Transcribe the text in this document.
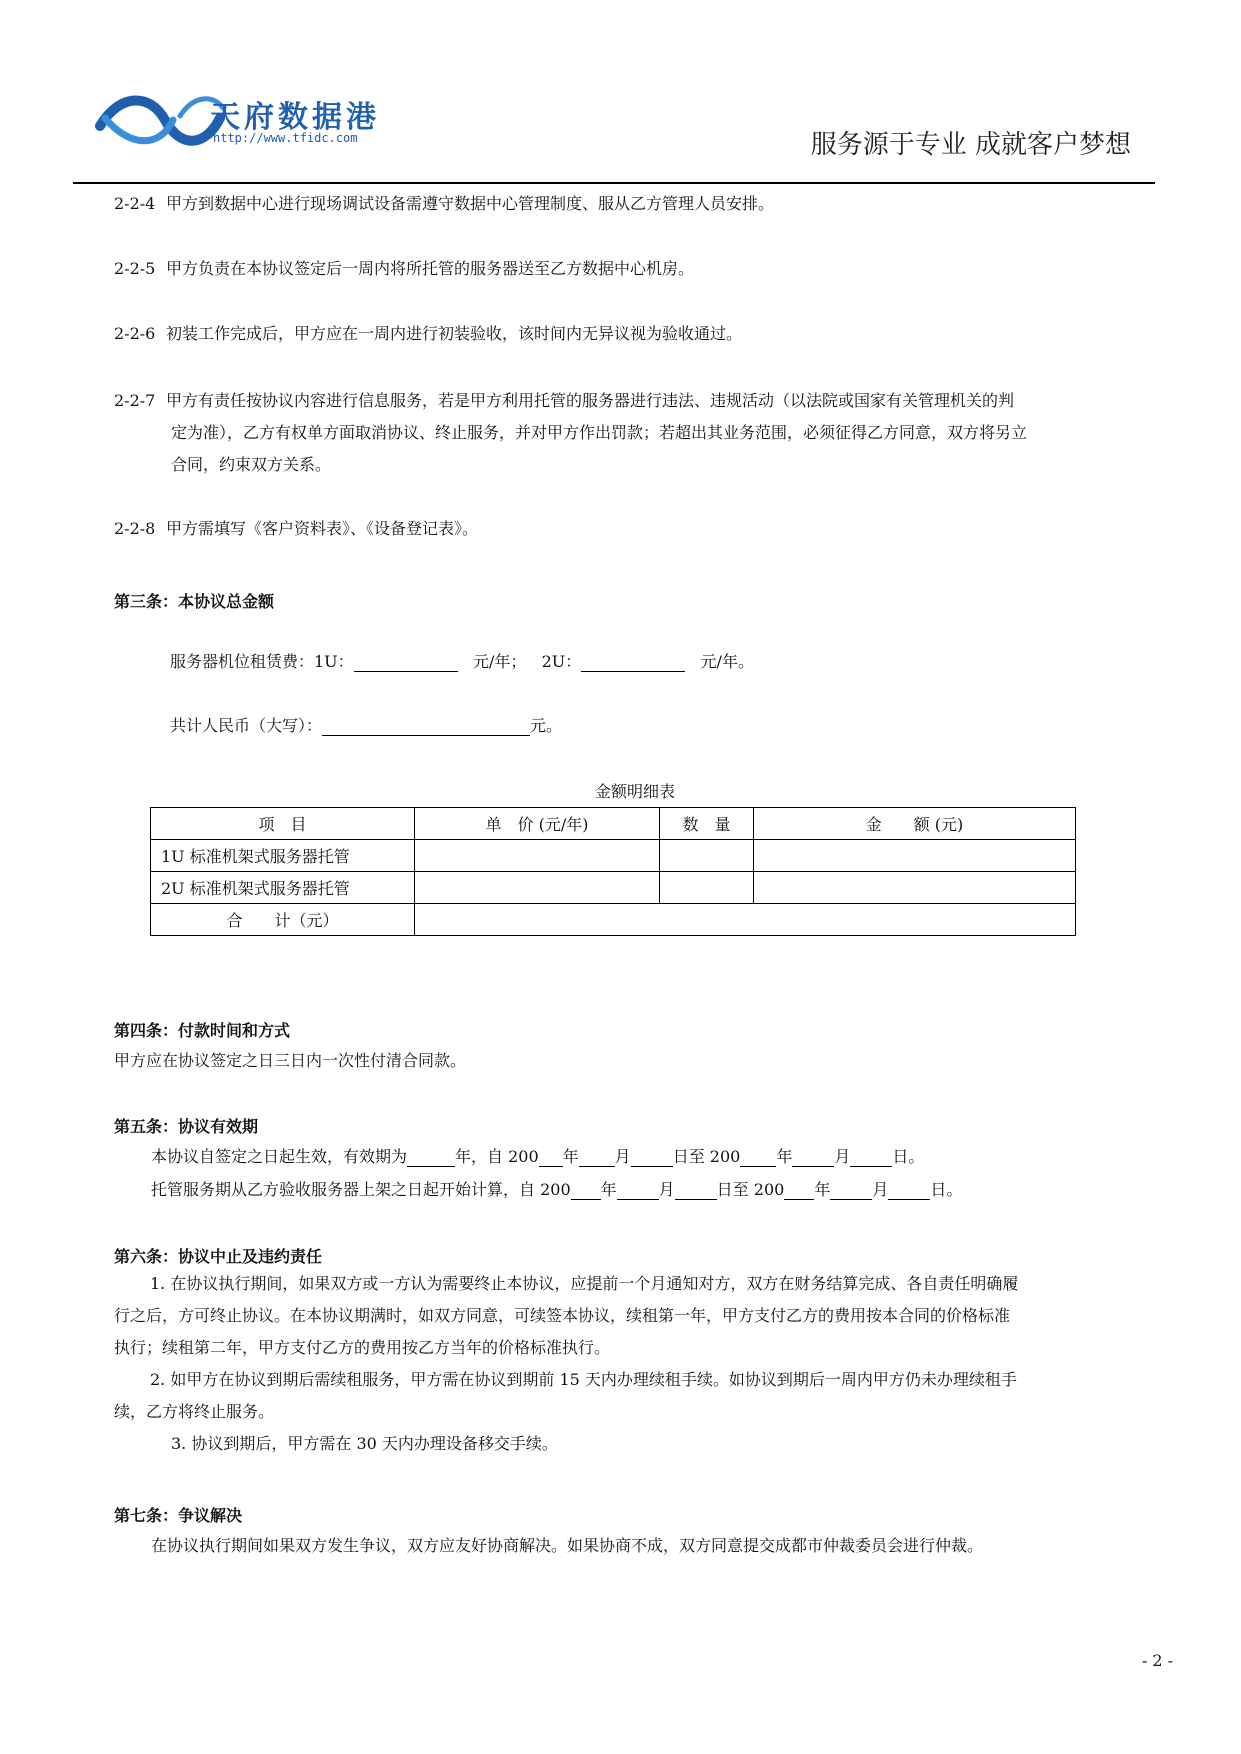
天府数据港
http://www.tfidc.com	服务源于专业 成就客户梦想
2-2-4 甲方到数据中心进行现场调试设备需遵守数据中心管理制度、服从乙方管理人员安排。
2-2-5 甲方负责在本协议签定后一周内将所托管的服务器送至乙方数据中心机房。
2-2-6 初装工作完成后，甲方应在一周内进行初装验收，该时间内无异议视为验收通过。
2-2-7 甲方有责任按协议内容进行信息服务，若是甲方利用托管的服务器进行违法、违规活动（以法院或国家有关管理机关的判
定为准），乙方有权单方面取消协议、终止服务，并对甲方作出罚款；若超出其业务范围，必须征得乙方同意，双方将另立
合同，约束双方关系。
2-2-8 甲方需填写《客户资料表》、《设备登记表》。
第三条：本协议总金额
服务器机位租赁费：1U：	元/年； 2U：	元/年。
共计人民币（大写）：	元。
金额明细表
项　目	单　价 (元/年)	数　量	金　　额 (元)
1U 标准机架式服务器托管			
2U 标准机架式服务器托管			
合　　计（元）			
第四条：付款时间和方式
甲方应在协议签定之日三日内一次性付清合同款。
第五条：协议有效期
本协议自签定之日起生效，有效期为	年，自 200 年 月	日至 200 年	月	日。
托管服务期从乙方验收服务器上架之日起开始计算，自 200 年	月	日至 200 年	月	日。
第六条：协议中止及违约责任
1. 在协议执行期间，如果双方或一方认为需要终止本协议，应提前一个月通知对方，双方在财务结算完成、各自责任明确履
行之后，方可终止协议。在本协议期满时，如双方同意，可续签本协议，续租第一年，甲方支付乙方的费用按本合同的价格标准
执行；续租第二年，甲方支付乙方的费用按乙方当年的价格标准执行。
2. 如甲方在协议到期后需续租服务，甲方需在协议到期前 15 天内办理续租手续。如协议到期后一周内甲方仍未办理续租手
续，乙方将终止服务。
3. 协议到期后，甲方需在 30 天内办理设备移交手续。
第七条：争议解决
在协议执行期间如果双方发生争议，双方应友好协商解决。如果协商不成，双方同意提交成都市仲裁委员会进行仲裁。
- 2 -
